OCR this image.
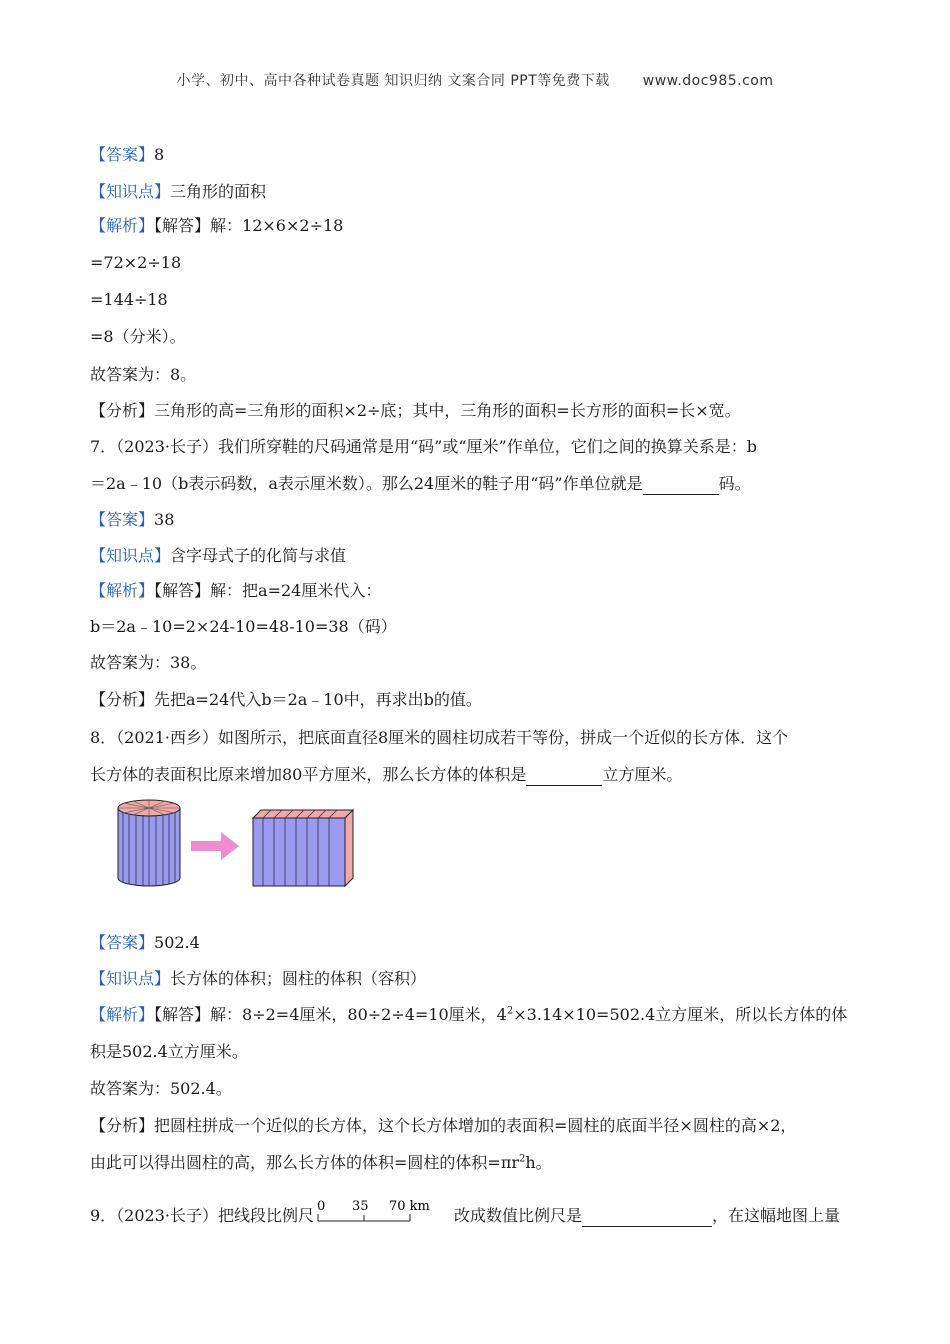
小学、初中、高中各种试卷真题 知识归纳 文案合同 PPT等免费下载 www.doc985.com
【答案】8
【知识点】三角形的面积
【解析】【解答】解：12×6×2÷18
=72×2÷18
=144÷18
=8（分米）。
故答案为：8。
【分析】三角形的高=三角形的面积×2÷底；其中，三角形的面积=长方形的面积=长×宽。
7．（2023·长子）我们所穿鞋的尺码通常是用“码”或“厘米”作单位，它们之间的换算关系是：b
＝2a﹣10（b表示码数，a表示厘米数）。那么24厘米的鞋子用“码”作单位就是	码。
【答案】38
【知识点】含字母式子的化简与求值
【解析】【解答】解：把a=24厘米代入：
b＝2a﹣10=2×24-10=48-10=38（码）
故答案为：38。
【分析】先把a=24代入b＝2a﹣10中，再求出b的值。
8．（2021·西乡）如图所示，把底面直径8厘米的圆柱切成若干等份，拼成一个近似的长方体．这个
长方体的表面积比原来增加80平方厘米，那么长方体的体积是	立方厘米。
【答案】502.4
【知识点】长方体的体积；圆柱的体积（容积）
【解析】【解答】解：8÷2=4厘米，80÷2÷4=10厘米，$4^2\times 3.14\times 10=502.4$立方厘米，所以长方体的体
积是502.4立方厘米。
故答案为：502.4。
【分析】把圆柱拼成一个近似的长方体，这个长方体增加的表面积=圆柱的底面半径×圆柱的高×2，
由此可以得出圆柱的高，那么长方体的体积=圆柱的体积$=\pi r^2h$。
9．（2023·长子）把线段比例尺 0 35 70 km 改成数值比例尺是	，在这幅地图上量
